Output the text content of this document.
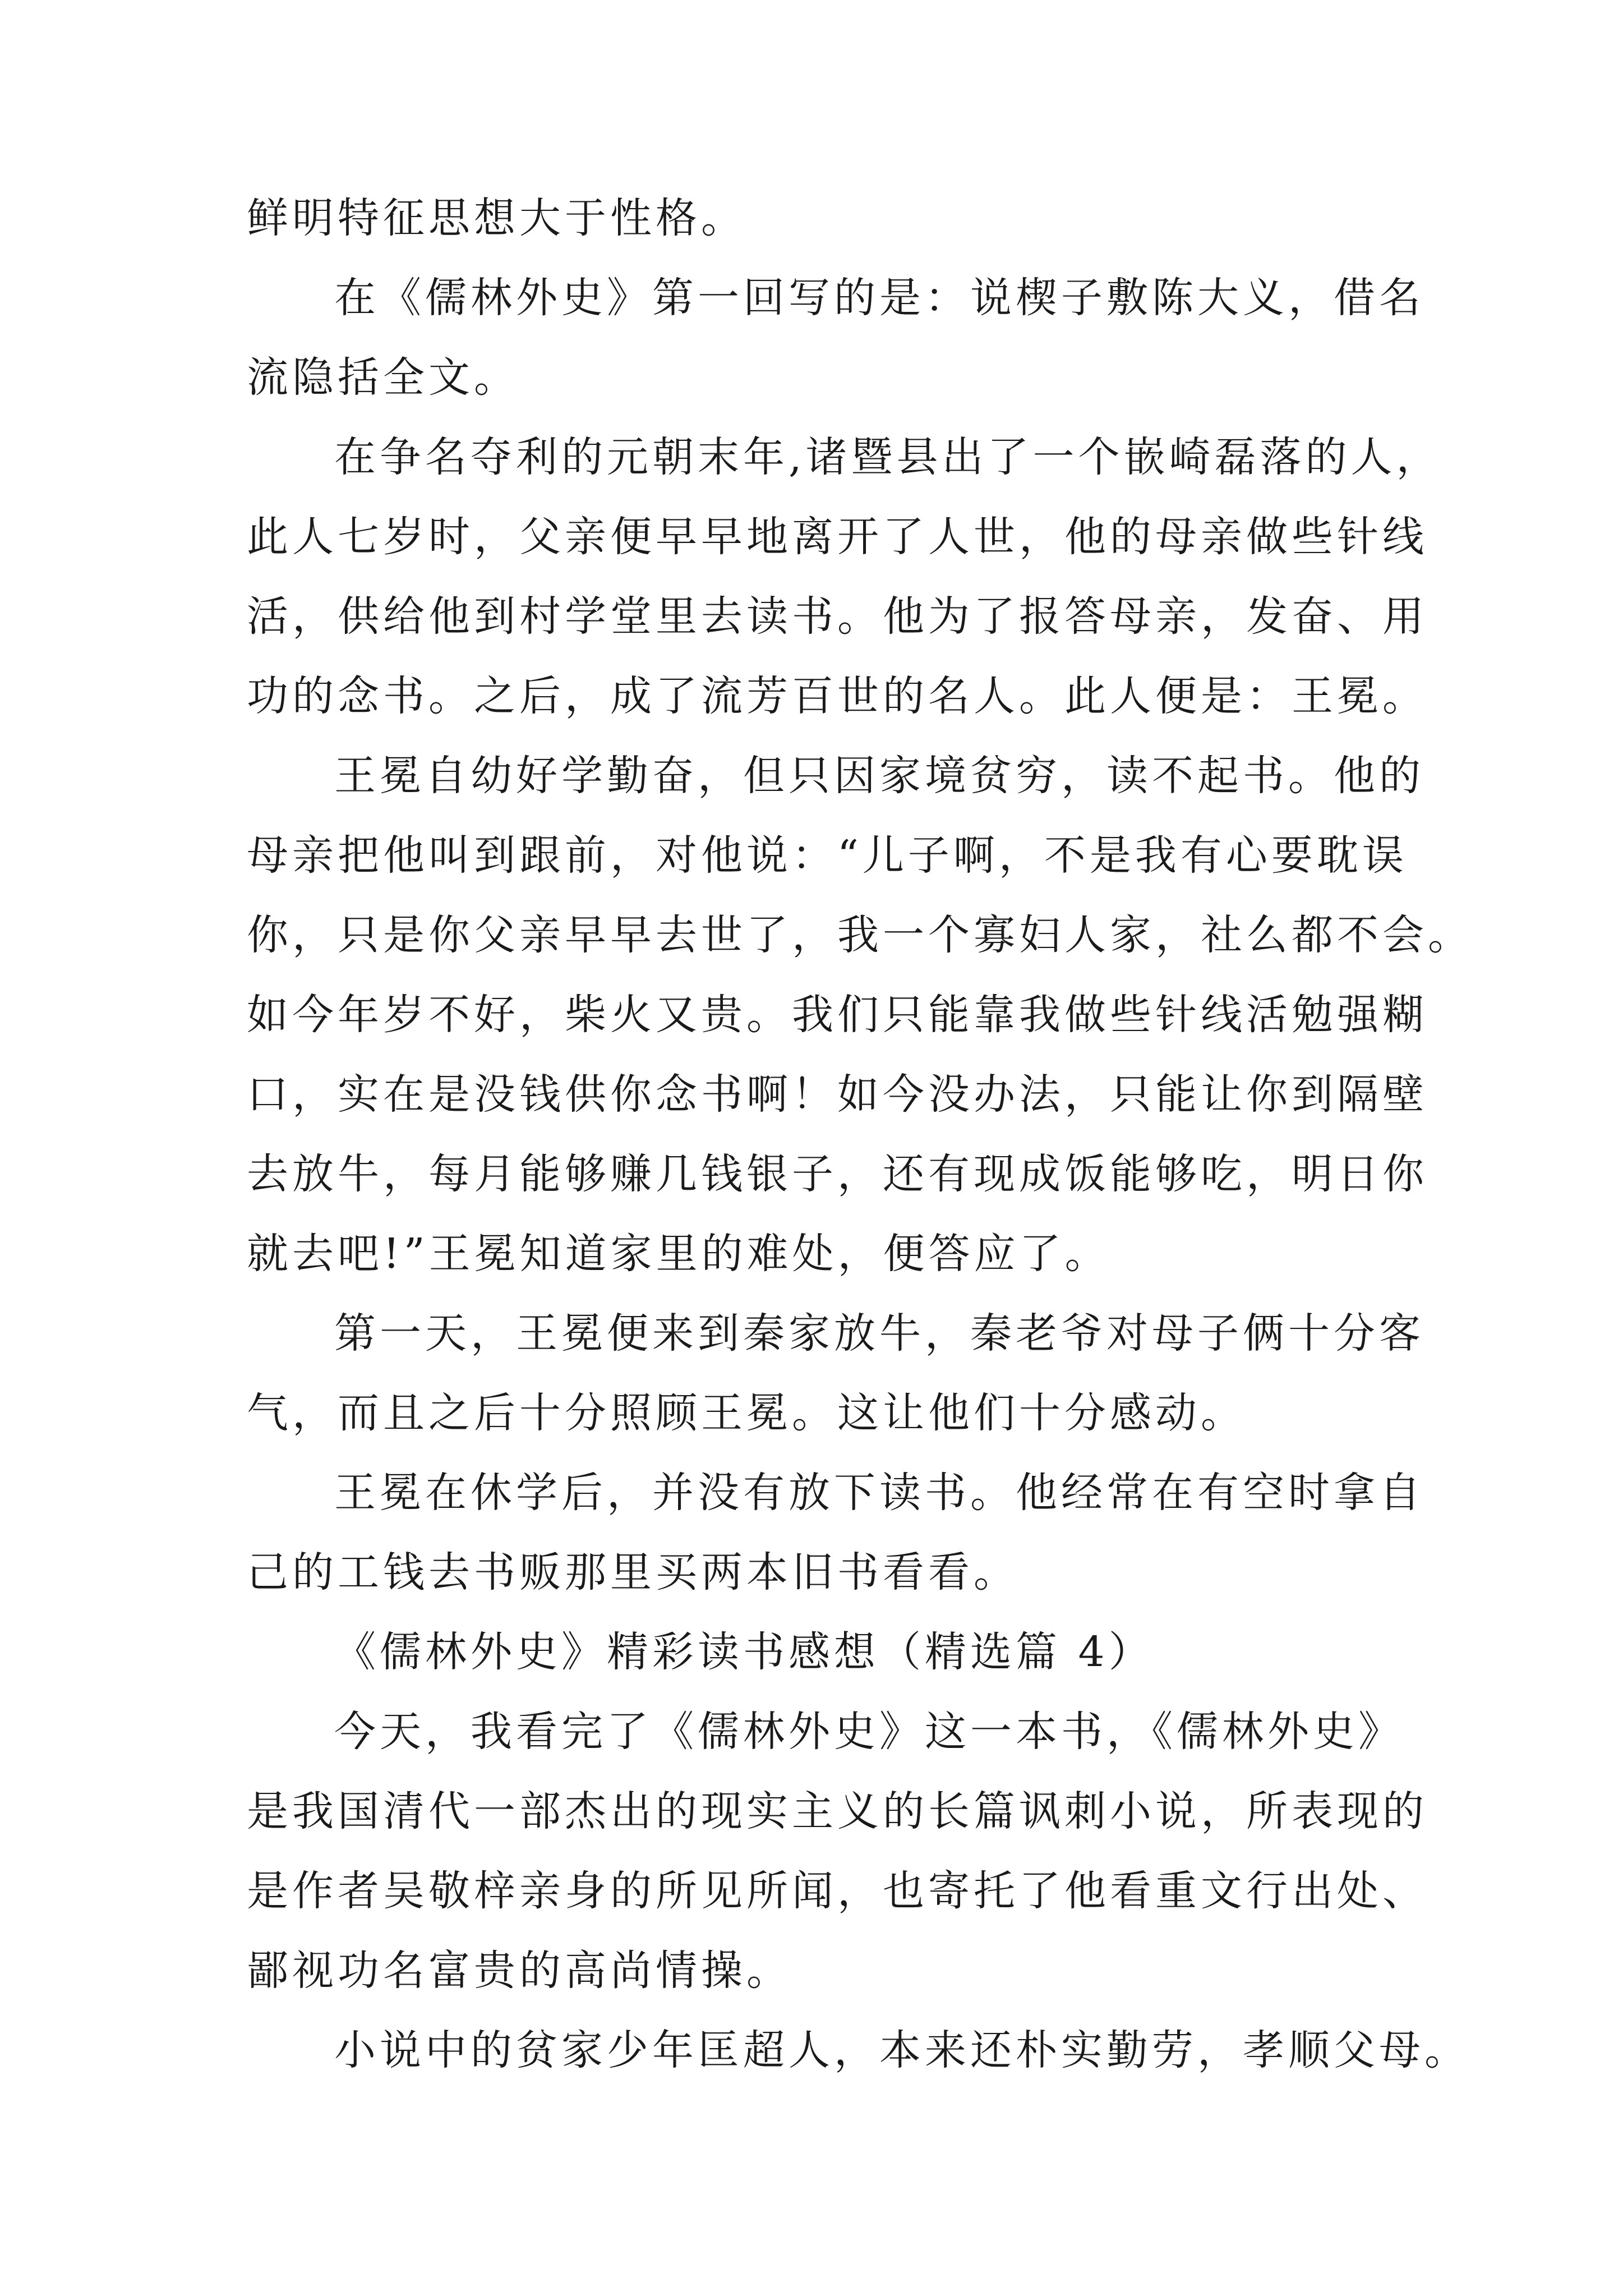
鲜明特征思想大于性格。

在《儒林外史》第一回写的是：说楔子敷陈大义，借名
流隐括全文。

在争名夺利的元朝末年,诸暨县出了一个嵌崎磊落的人，
此人七岁时，父亲便早早地离开了人世，他的母亲做些针线
活，供给他到村学堂里去读书。他为了报答母亲，发奋、用
功的念书。之后，成了流芳百世的名人。此人便是：王冕。

王冕自幼好学勤奋，但只因家境贫穷，读不起书。他的
母亲把他叫到跟前，对他说：“儿子啊，不是我有心要耽误
你，只是你父亲早早去世了，我一个寡妇人家，社么都不会。
如今年岁不好，柴火又贵。我们只能靠我做些针线活勉强糊
口，实在是没钱供你念书啊！如今没办法，只能让你到隔壁
去放牛，每月能够赚几钱银子，还有现成饭能够吃，明日你
就去吧!”王冕知道家里的难处，便答应了。

第一天，王冕便来到秦家放牛，秦老爷对母子俩十分客
气，而且之后十分照顾王冕。这让他们十分感动。

王冕在休学后，并没有放下读书。他经常在有空时拿自
己的工钱去书贩那里买两本旧书看看。

《儒林外史》精彩读书感想（精选篇 4）

今天，我看完了《儒林外史》这一本书，《儒林外史》
是我国清代一部杰出的现实主义的长篇讽刺小说，所表现的
是作者吴敬梓亲身的所见所闻，也寄托了他看重文行出处、
鄙视功名富贵的高尚情操。

小说中的贫家少年匡超人，本来还朴实勤劳，孝顺父母。
